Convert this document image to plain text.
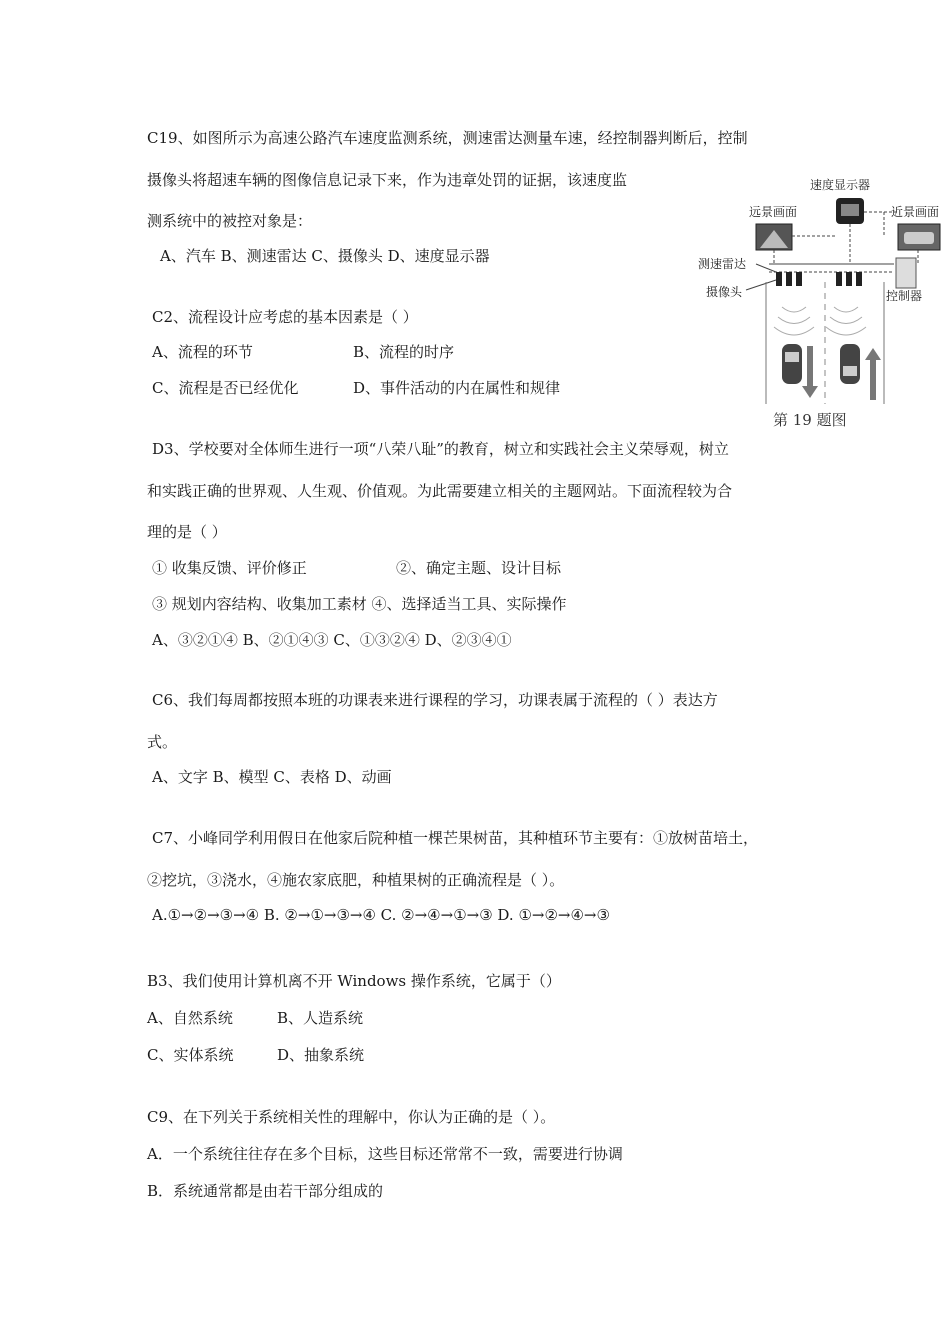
C19、如图所示为高速公路汽车速度监测系统，测速雷达测量车速，经控制器判断后，控制
摄像头将超速车辆的图像信息记录下来，作为违章处罚的证据，该速度监
测系统中的被控对象是：
A、汽车 B、测速雷达 C、摄像头 D、速度显示器
速度显示器
远景画面	近景画面
测速雷达
摄像头	控制器
第 19 题图
C2、流程设计应考虑的基本因素是（ ）
A、流程的环节	B、流程的时序
C、流程是否已经优化	D、事件活动的内在属性和规律
D3、学校要对全体师生进行一项“八荣八耻”的教育，树立和实践社会主义荣辱观，树立
和实践正确的世界观、人生观、价值观。为此需要建立相关的主题网站。下面流程较为合
理的是（ ）
① 收集反馈、评价修正	②、确定主题、设计目标
③ 规划内容结构、收集加工素材 ④、选择适当工具、实际操作
A、③②①④ B、②①④③ C、①③②④ D、②③④①
C6、我们每周都按照本班的功课表来进行课程的学习，功课表属于流程的（ ）表达方
式。
A、文字 B、模型 C、表格 D、动画
C7、小峰同学利用假日在他家后院种植一棵芒果树苗，其种植环节主要有：①放树苗培土，
②挖坑，③浇水，④施农家底肥，种植果树的正确流程是（ ）。
A.①→②→③→④ B. ②→①→③→④ C. ②→④→①→③ D. ①→②→④→③
B3、我们使用计算机离不开 Windows 操作系统，它属于（）
A、自然系统	B、人造系统
C、实体系统	D、抽象系统
C9、在下列关于系统相关性的理解中，你认为正确的是（ ）。
A．一个系统往往存在多个目标，这些目标还常常不一致，需要进行协调
B．系统通常都是由若干部分组成的
